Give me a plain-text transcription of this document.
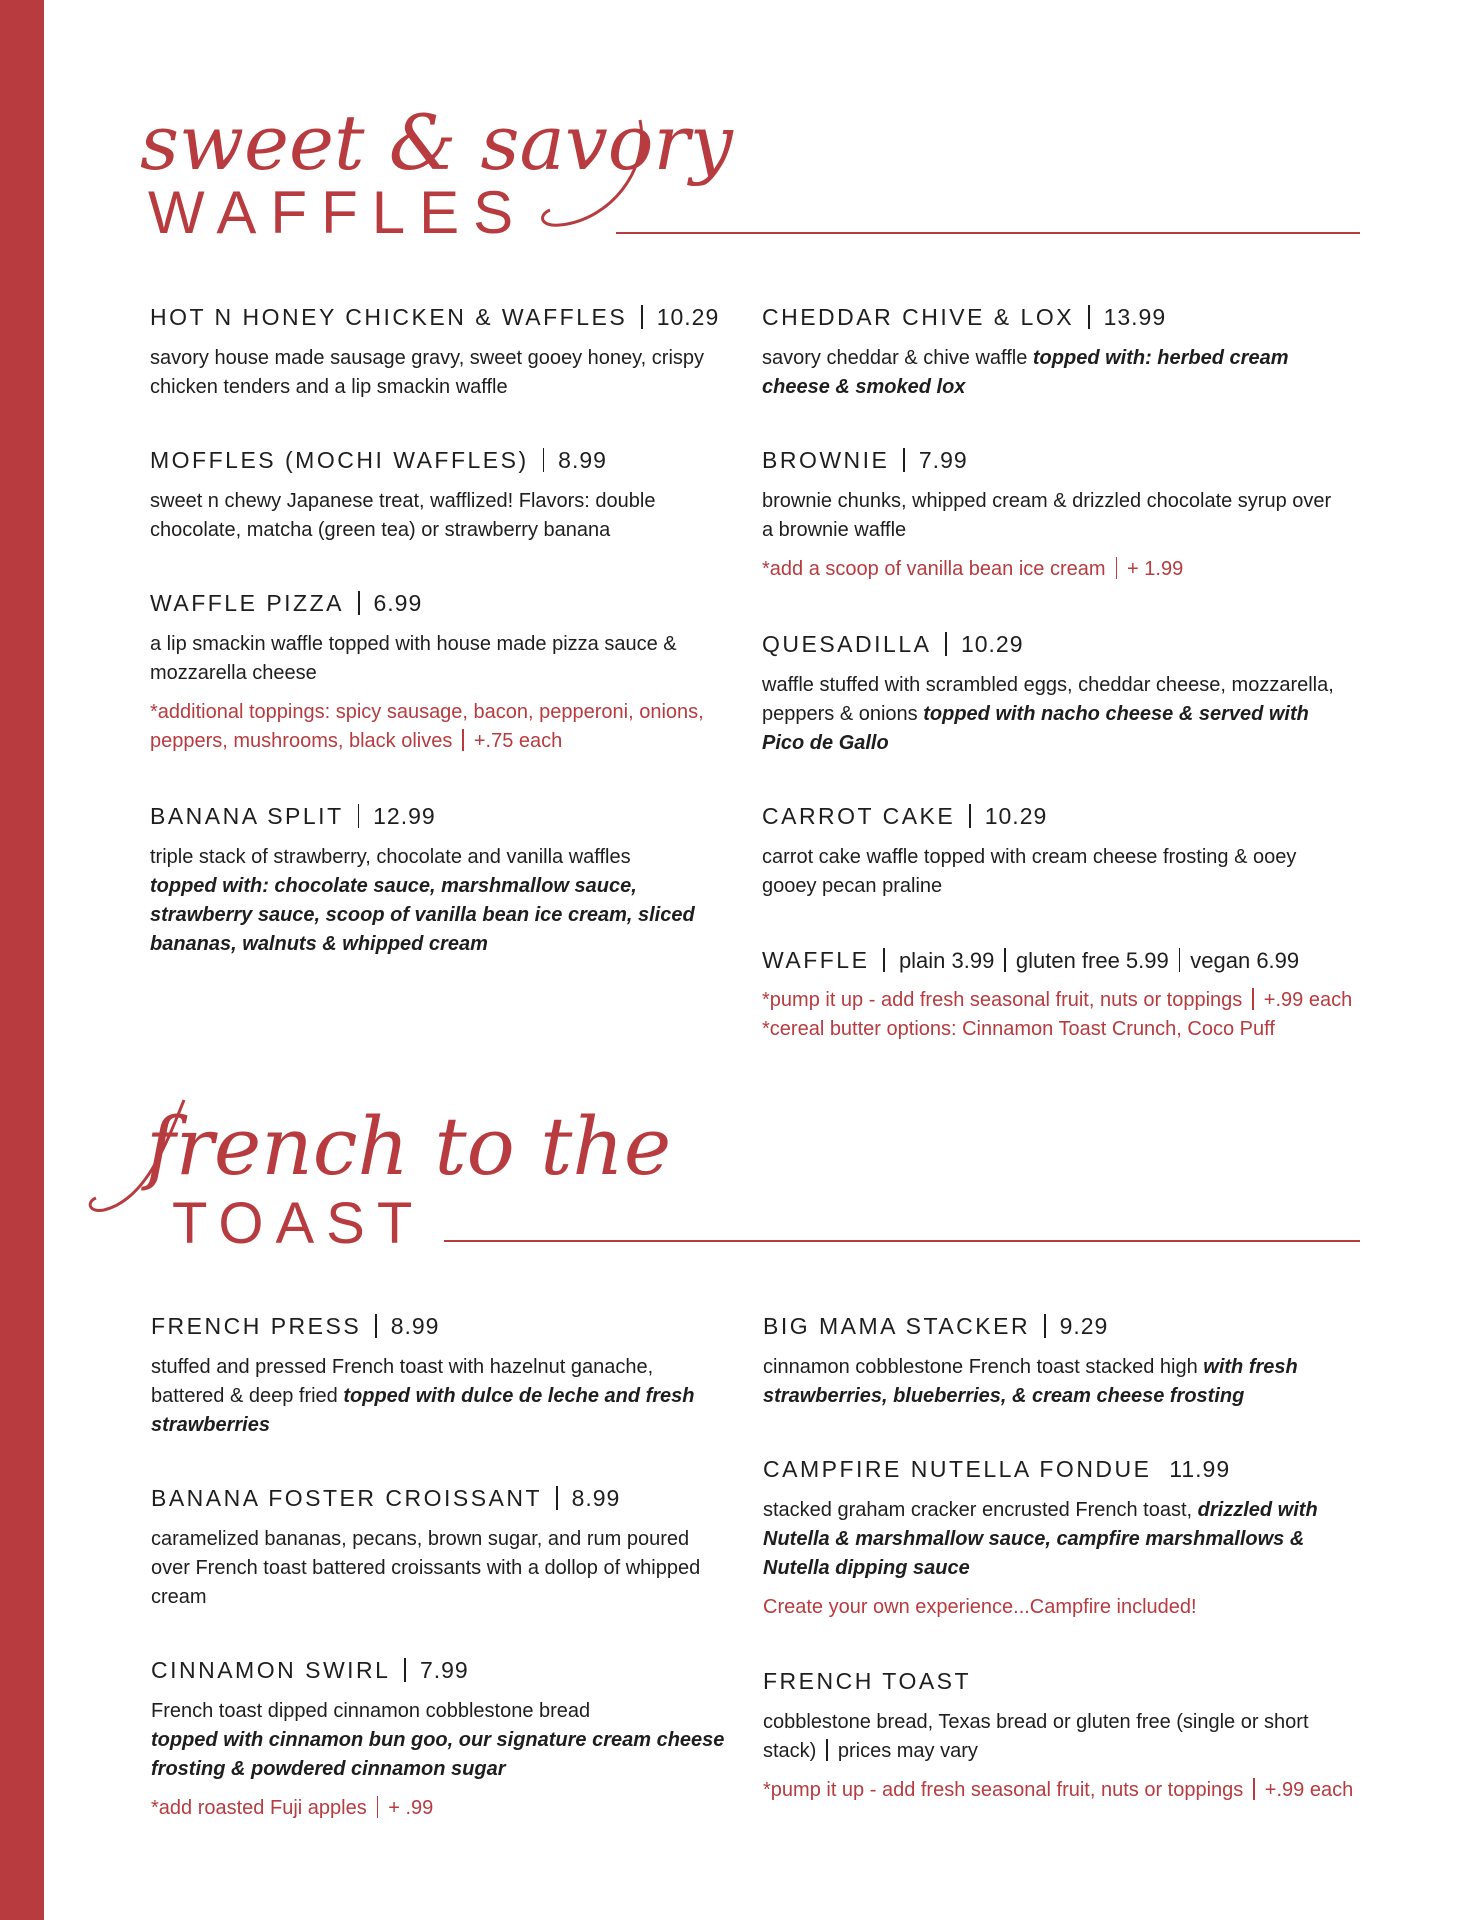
sweet & savory
WAFFLES
HOT N HONEY CHICKEN & WAFFLES 10.29
savory house made sausage gravy, sweet gooey honey, crispy chicken tenders and a lip smackin waffle
MOFFLES (MOCHI WAFFLES) 8.99
sweet n chewy Japanese treat, wafflized! Flavors: double chocolate, matcha (green tea) or strawberry banana
WAFFLE PIZZA 6.99
a lip smackin waffle topped with house made pizza sauce & mozzarella cheese
*additional toppings: spicy sausage, bacon, pepperoni, onions, peppers, mushrooms, black olives +.75 each
BANANA SPLIT 12.99
triple stack of strawberry, chocolate and vanilla waffles
topped with: chocolate sauce, marshmallow sauce, strawberry sauce, scoop of vanilla bean ice cream, sliced bananas, walnuts & whipped cream
CHEDDAR CHIVE & LOX 13.99
savory cheddar & chive waffle topped with: herbed cream cheese & smoked lox
BROWNIE 7.99
brownie chunks, whipped cream & drizzled chocolate syrup over a brownie waffle
*add a scoop of vanilla bean ice cream + 1.99
QUESADILLA 10.29
waffle stuffed with scrambled eggs, cheddar cheese, mozzarella, peppers & onions topped with nacho cheese & served with Pico de Gallo
CARROT CAKE 10.29
carrot cake waffle topped with cream cheese frosting & ooey gooey pecan praline
WAFFLE plain 3.99 gluten free 5.99 vegan 6.99
*pump it up - add fresh seasonal fruit, nuts or toppings +.99 each
*cereal butter options: Cinnamon Toast Crunch, Coco Puff
french to the
TOAST
FRENCH PRESS 8.99
stuffed and pressed French toast with hazelnut ganache, battered & deep fried topped with dulce de leche and fresh strawberries
BANANA FOSTER CROISSANT 8.99
caramelized bananas, pecans, brown sugar, and rum poured over French toast battered croissants with a dollop of whipped cream
CINNAMON SWIRL 7.99
French toast dipped cinnamon cobblestone bread
topped with cinnamon bun goo, our signature cream cheese frosting & powdered cinnamon sugar
*add roasted Fuji apples + .99
BIG MAMA STACKER 9.29
cinnamon cobblestone French toast stacked high with fresh strawberries, blueberries, & cream cheese frosting
CAMPFIRE NUTELLA FONDUE 11.99
stacked graham cracker encrusted French toast, drizzled with Nutella & marshmallow sauce, campfire marshmallows & Nutella dipping sauce
Create your own experience...Campfire included!
FRENCH TOAST
cobblestone bread, Texas bread or gluten free (single or short stack) prices may vary
*pump it up - add fresh seasonal fruit, nuts or toppings +.99 each
